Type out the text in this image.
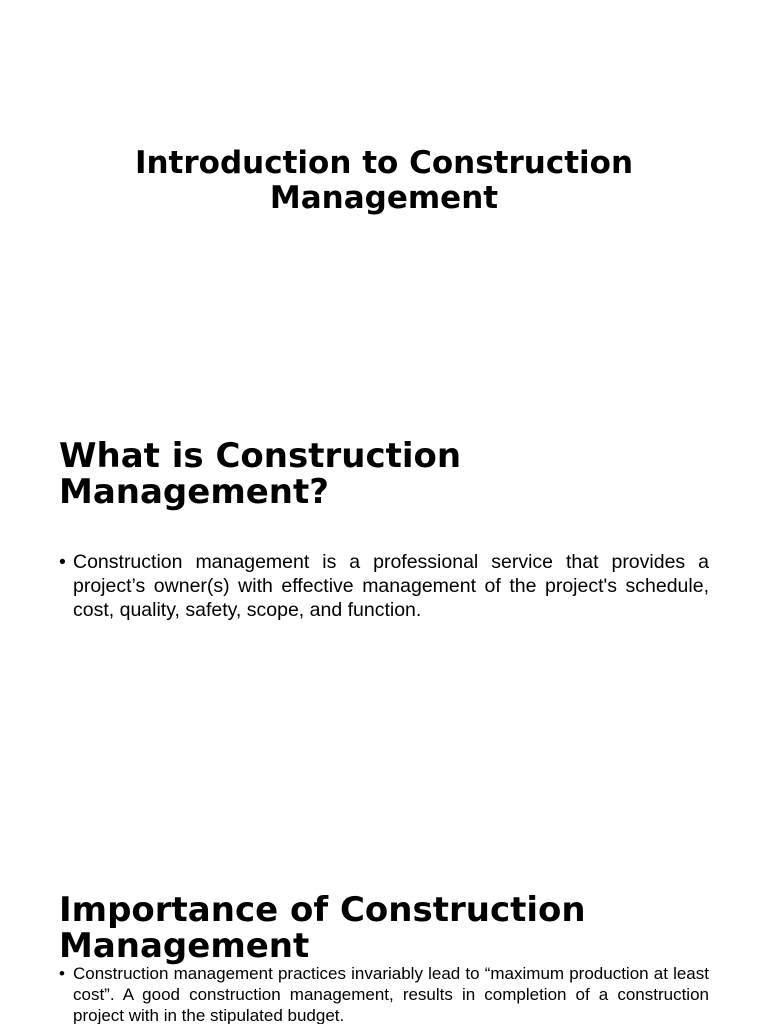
Introduction to Construction Management
What is Construction Management?
• Construction management is a professional service that provides a project’s owner(s) with effective management of the project's schedule, cost, quality, safety, scope, and function.
Importance of Construction Management
• Construction management practices invariably lead to “maximum production at least cost”. A good construction management, results in completion of a construction project with in the stipulated budget.
